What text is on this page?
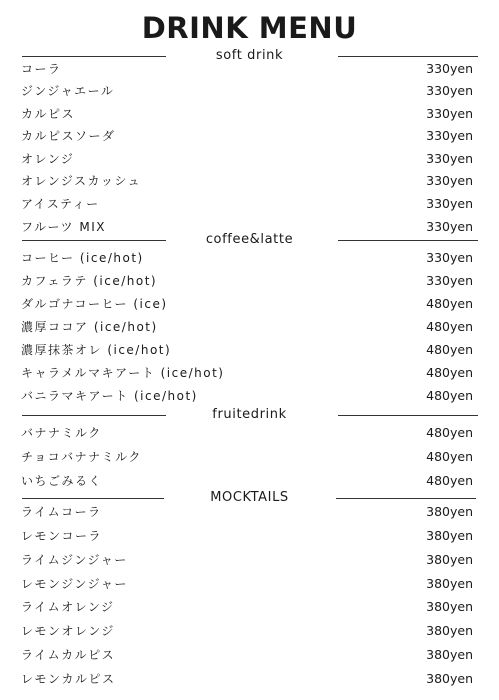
DRINK MENU
soft drink
コーラ	330yen
ジンジャエール	330yen
カルピス	330yen
カルピスソーダ	330yen
オレンジ	330yen
オレンジスカッシュ	330yen
アイスティー	330yen
フルーツ MIX	330yen
coffee&latte
コーヒー (ice/hot)	330yen
カフェラテ (ice/hot)	330yen
ダルゴナコーヒー (ice)	480yen
濃厚ココア (ice/hot)	480yen
濃厚抹茶オレ (ice/hot)	480yen
キャラメルマキアート (ice/hot)	480yen
バニラマキアート (ice/hot)	480yen
fruitedrink
バナナミルク	480yen
チョコバナナミルク	480yen
いちごみるく	480yen
MOCKTAILS
ライムコーラ	380yen
レモンコーラ	380yen
ライムジンジャー	380yen
レモンジンジャー	380yen
ライムオレンジ	380yen
レモンオレンジ	380yen
ライムカルピス	380yen
レモンカルピス	380yen
